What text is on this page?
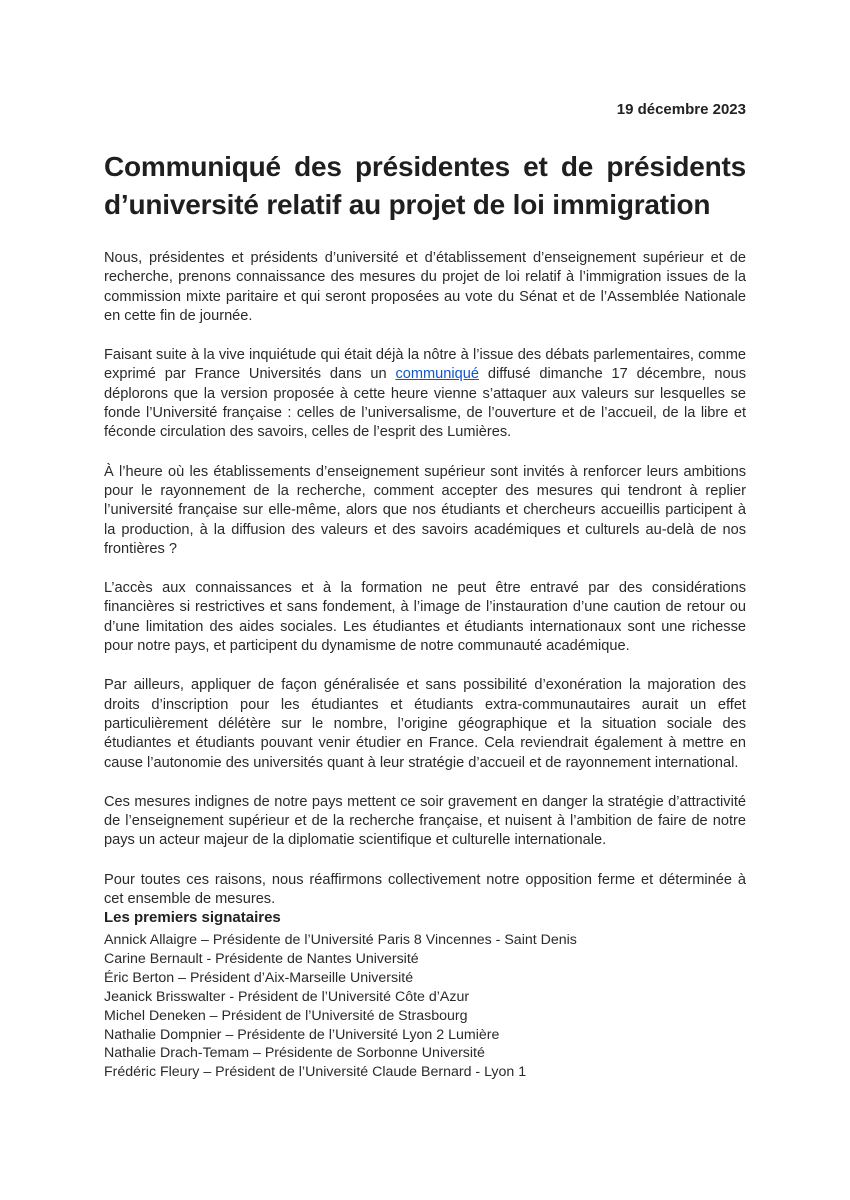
19 décembre 2023
Communiqué des présidentes et de présidents d’université relatif au projet de loi immigration

Nous, présidentes et présidents d’université et d’établissement d’enseignement supérieur et de recherche, prenons connaissance des mesures du projet de loi relatif à l’immigration issues de la commission mixte paritaire et qui seront proposées au vote du Sénat et de l’Assemblée Nationale en cette fin de journée.

Faisant suite à la vive inquiétude qui était déjà la nôtre à l’issue des débats parlementaires, comme exprimé par France Universités dans un communiqué diffusé dimanche 17 décembre, nous déplorons que la version proposée à cette heure vienne s’attaquer aux valeurs sur lesquelles se fonde l’Université française : celles de l’universalisme, de l’ouverture et de l’accueil, de la libre et féconde circulation des savoirs, celles de l’esprit des Lumières.

À l’heure où les établissements d’enseignement supérieur sont invités à renforcer leurs ambitions pour le rayonnement de la recherche, comment accepter des mesures qui tendront à replier l’université française sur elle-même, alors que nos étudiants et chercheurs accueillis participent à la production, à la diffusion des valeurs et des savoirs académiques et culturels au-delà de nos frontières ?

L’accès aux connaissances et à la formation ne peut être entravé par des considérations financières si restrictives et sans fondement, à l’image de l’instauration d’une caution de retour ou d’une limitation des aides sociales. Les étudiantes et étudiants internationaux sont une richesse pour notre pays, et participent du dynamisme de notre communauté académique.

Par ailleurs, appliquer de façon généralisée et sans possibilité d’exonération la majoration des droits d’inscription pour les étudiantes et étudiants extra-communautaires aurait un effet particulièrement délétère sur le nombre, l’origine géographique et la situation sociale des étudiantes et étudiants pouvant venir étudier en France. Cela reviendrait également à mettre en cause l’autonomie des universités quant à leur stratégie d’accueil et de rayonnement international.

Ces mesures indignes de notre pays mettent ce soir gravement en danger la stratégie d’attractivité de l’enseignement supérieur et de la recherche française, et nuisent à l’ambition de faire de notre pays un acteur majeur de la diplomatie scientifique et culturelle internationale.

Pour toutes ces raisons, nous réaffirmons collectivement notre opposition ferme et déterminée à cet ensemble de mesures.

Les premiers signataires
Annick Allaigre – Présidente de l’Université Paris 8 Vincennes - Saint Denis
Carine Bernault - Présidente de Nantes Université
Éric Berton – Président d’Aix-Marseille Université
Jeanick Brisswalter - Président de l’Université Côte d’Azur
Michel Deneken – Président de l’Université de Strasbourg
Nathalie Dompnier – Présidente de l’Université Lyon 2 Lumière
Nathalie Drach-Temam – Présidente de Sorbonne Université
Frédéric Fleury – Président de l’Université Claude Bernard - Lyon 1
